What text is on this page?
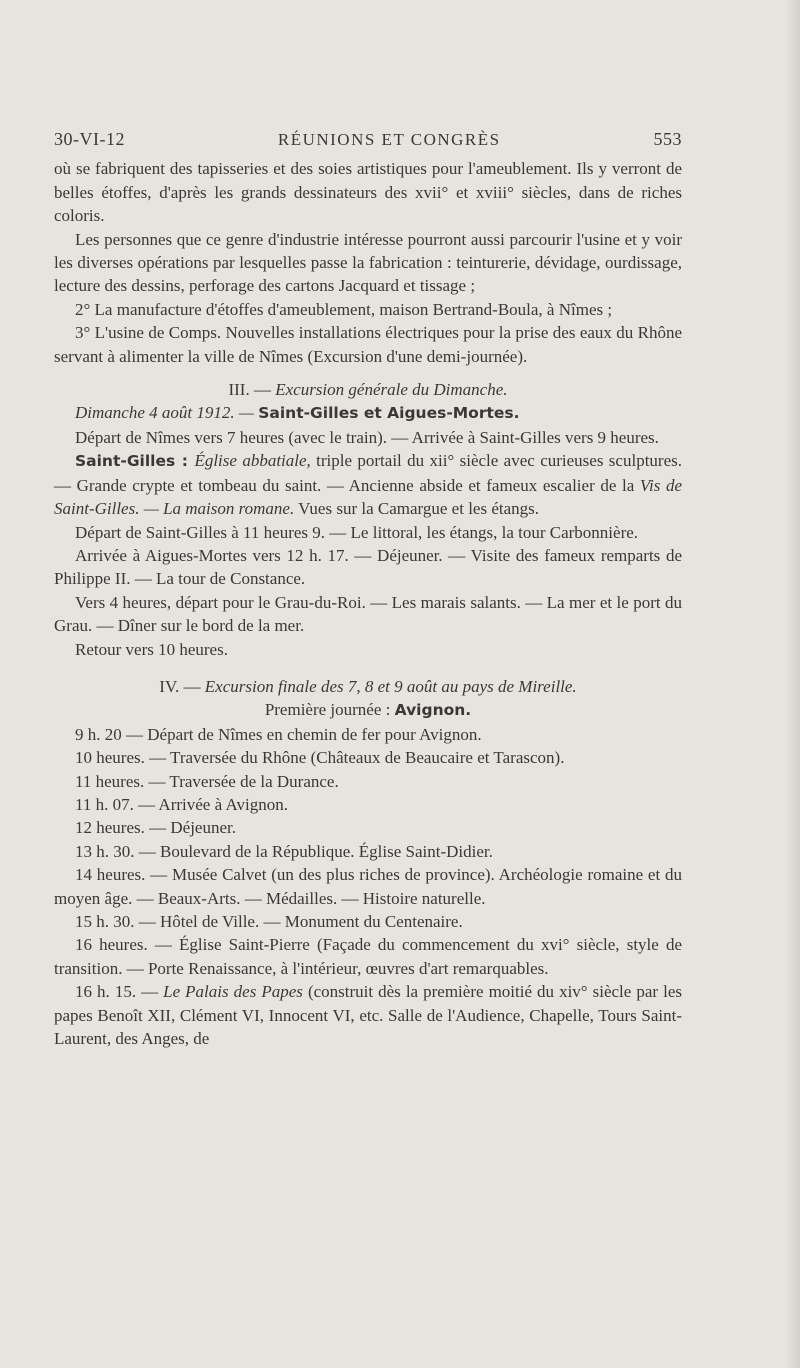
30-VI-12	RÉUNIONS ET CONGRÈS	553

où se fabriquent des tapisseries et des soies artistiques pour l'ameublement. Ils y verront de belles étoffes, d'après les grands dessinateurs des xvii° et xviii° siècles, dans de riches coloris.

Les personnes que ce genre d'industrie intéresse pourront aussi parcourir l'usine et y voir les diverses opérations par lesquelles passe la fabrication : teinturerie, dévidage, ourdissage, lecture des dessins, perforage des cartons Jacquard et tissage ;

2° La manufacture d'étoffes d'ameublement, maison Bertrand-Boula, à Nîmes ;

3° L'usine de Comps. Nouvelles installations électriques pour la prise des eaux du Rhône servant à alimenter la ville de Nîmes (Excursion d'une demi-journée).

III. — Excursion générale du Dimanche.

Dimanche 4 août 1912. — Saint-Gilles et Aigues-Mortes.

Départ de Nîmes vers 7 heures (avec le train). — Arrivée à Saint-Gilles vers 9 heures.

Saint-Gilles : Église abbatiale, triple portail du xii° siècle avec curieuses sculptures. — Grande crypte et tombeau du saint. — Ancienne abside et fameux escalier de la Vis de Saint-Gilles. — La maison romane. Vues sur la Camargue et les étangs.

Départ de Saint-Gilles à 11 heures 9. — Le littoral, les étangs, la tour Carbonnière.

Arrivée à Aigues-Mortes vers 12 h. 17. — Déjeuner. — Visite des fameux remparts de Philippe II. — La tour de Constance.

Vers 4 heures, départ pour le Grau-du-Roi. — Les marais salants. — La mer et le port du Grau. — Dîner sur le bord de la mer.

Retour vers 10 heures.

IV. — Excursion finale des 7, 8 et 9 août au pays de Mireille.

Première journée : Avignon.

9 h. 20 — Départ de Nîmes en chemin de fer pour Avignon.

10 heures. — Traversée du Rhône (Châteaux de Beaucaire et Tarascon).

11 heures. — Traversée de la Durance.

11 h. 07. — Arrivée à Avignon.

12 heures. — Déjeuner.

13 h. 30. — Boulevard de la République. Église Saint-Didier.

14 heures. — Musée Calvet (un des plus riches de province). Archéologie romaine et du moyen âge. — Beaux-Arts. — Médailles. — Histoire naturelle.

15 h. 30. — Hôtel de Ville. — Monument du Centenaire.

16 heures. — Église Saint-Pierre (Façade du commencement du xvi° siècle, style de transition. — Porte Renaissance, à l'intérieur, œuvres d'art remarquables.

16 h. 15. — Le Palais des Papes (construit dès la première moitié du xiv° siècle par les papes Benoît XII, Clément VI, Innocent VI, etc. Salle de l'Audience, Chapelle, Tours Saint-Laurent, des Anges, de
